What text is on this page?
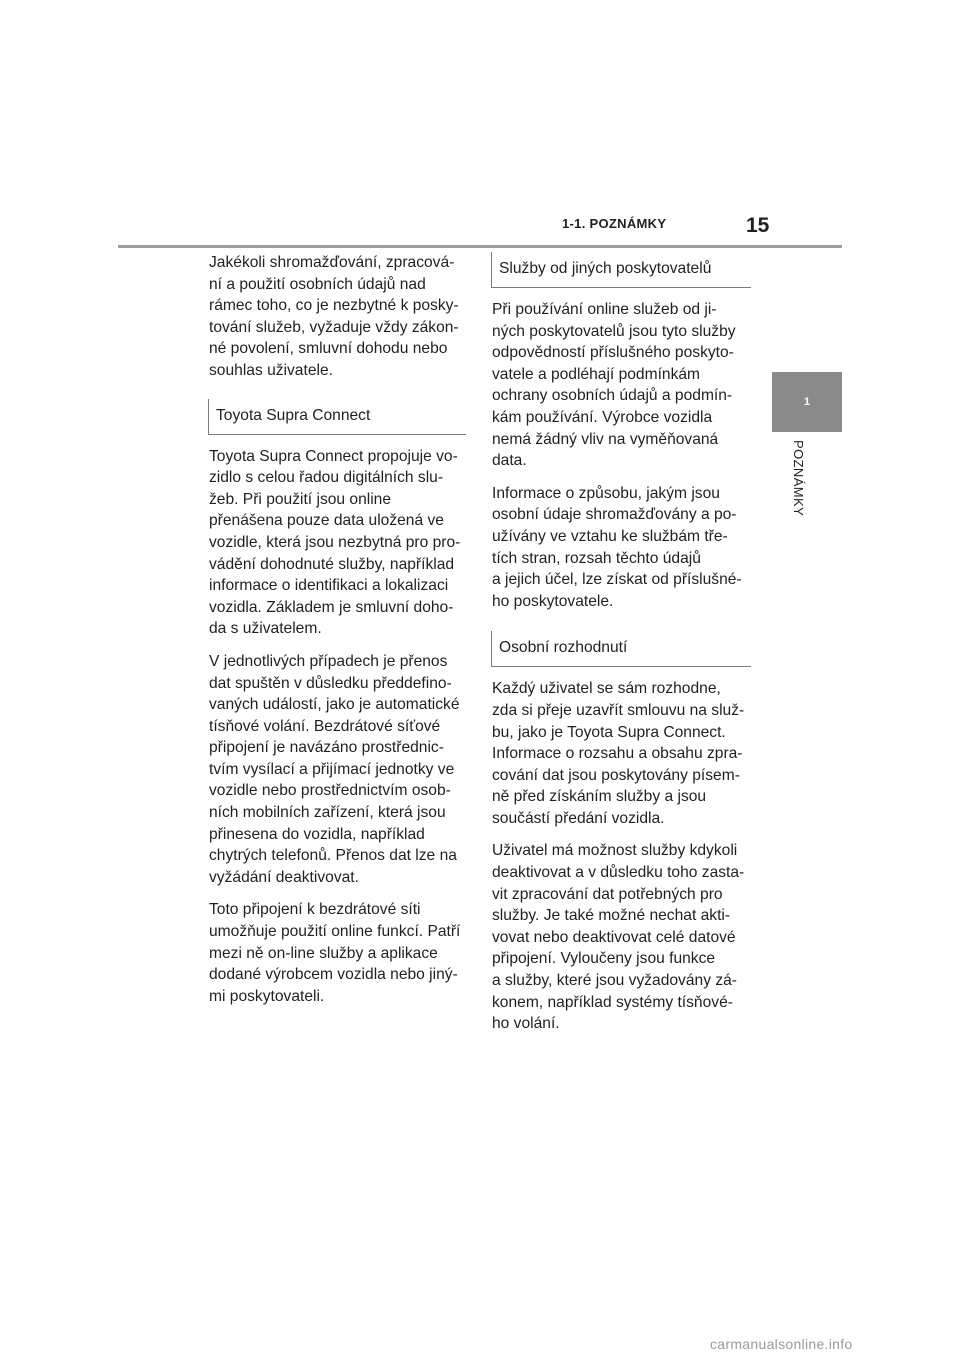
1-1. POZNÁMKY	15
1
POZNÁMKY

Jakékoli shromažďování, zpracová-
ní a použití osobních údajů nad
rámec toho, co je nezbytné k posky-
tování služeb, vyžaduje vždy zákon-
né povolení, smluvní dohodu nebo
souhlas uživatele.

Toyota Supra Connect

Toyota Supra Connect propojuje vo-
zidlo s celou řadou digitálních slu-
žeb. Při použití jsou online
přenášena pouze data uložená ve
vozidle, která jsou nezbytná pro pro-
vádění dohodnuté služby, například
informace o identifikaci a lokalizaci
vozidla. Základem je smluvní doho-
da s uživatelem.

V jednotlivých případech je přenos
dat spuštěn v důsledku předdefino-
vaných událostí, jako je automatické
tísňové volání. Bezdrátové síťové
připojení je navázáno prostřednic-
tvím vysílací a přijímací jednotky ve
vozidle nebo prostřednictvím osob-
ních mobilních zařízení, která jsou
přinesena do vozidla, například
chytrých telefonů. Přenos dat lze na
vyžádání deaktivovat.

Toto připojení k bezdrátové síti
umožňuje použití online funkcí. Patří
mezi ně on-line služby a aplikace
dodané výrobcem vozidla nebo jiný-
mi poskytovateli.

Služby od jiných poskytovatelů

Při používání online služeb od ji-
ných poskytovatelů jsou tyto služby
odpovědností příslušného poskyto-
vatele a podléhají podmínkám
ochrany osobních údajů a podmín-
kám používání. Výrobce vozidla
nemá žádný vliv na vyměňovaná
data.

Informace o způsobu, jakým jsou
osobní údaje shromažďovány a po-
užívány ve vztahu ke službám tře-
tích stran, rozsah těchto údajů
a jejich účel, lze získat od příslušné-
ho poskytovatele.

Osobní rozhodnutí

Každý uživatel se sám rozhodne,
zda si přeje uzavřít smlouvu na služ-
bu, jako je Toyota Supra Connect.
Informace o rozsahu a obsahu zpra-
cování dat jsou poskytovány písem-
ně před získáním služby a jsou
součástí předání vozidla.

Uživatel má možnost služby kdykoli
deaktivovat a v důsledku toho zasta-
vit zpracování dat potřebných pro
služby. Je také možné nechat akti-
vovat nebo deaktivovat celé datové
připojení. Vyloučeny jsou funkce
a služby, které jsou vyžadovány zá-
konem, například systémy tísňové-
ho volání.

carmanualsonline.info
